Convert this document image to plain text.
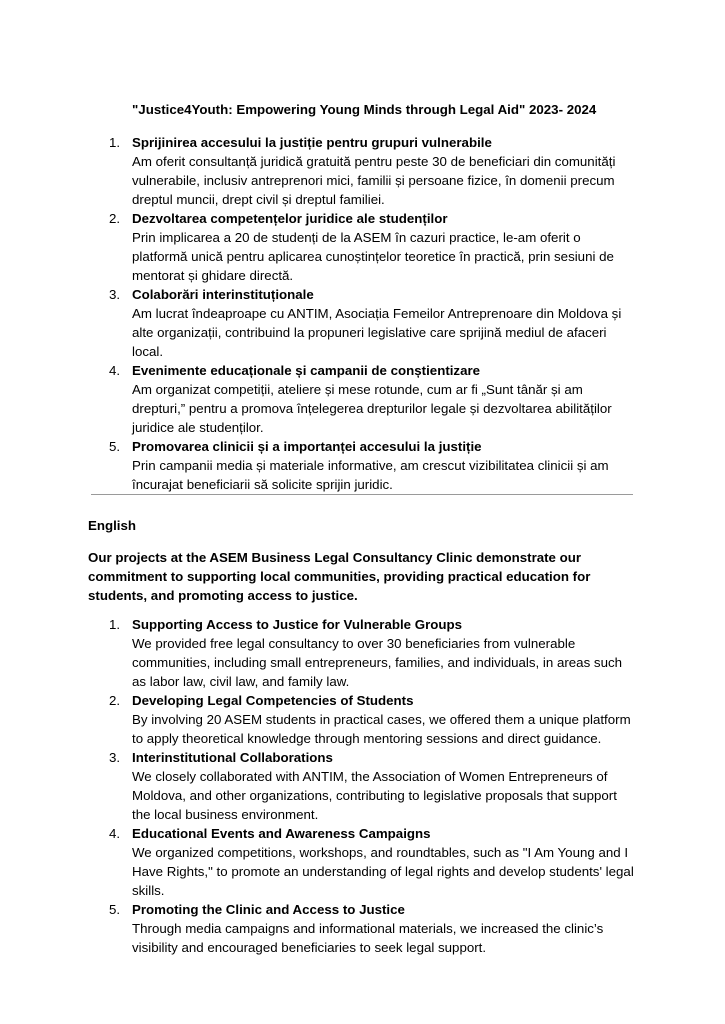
"Justice4Youth: Empowering Young Minds through Legal Aid" 2023- 2024
1. Sprijinirea accesului la justiție pentru grupuri vulnerabile
Am oferit consultanță juridică gratuită pentru peste 30 de beneficiari din comunități vulnerabile, inclusiv antreprenori mici, familii și persoane fizice, în domenii precum dreptul muncii, drept civil și dreptul familiei.
2. Dezvoltarea competențelor juridice ale studenților
Prin implicarea a 20 de studenți de la ASEM în cazuri practice, le-am oferit o platformă unică pentru aplicarea cunoștințelor teoretice în practică, prin sesiuni de mentorat și ghidare directă.
3. Colaborări interinstituționale
Am lucrat îndeaproape cu ANTIM, Asociația Femeilor Antreprenoare din Moldova și alte organizații, contribuind la propuneri legislative care sprijină mediul de afaceri local.
4. Evenimente educaționale și campanii de conștientizare
Am organizat competiții, ateliere și mese rotunde, cum ar fi „Sunt tânăr și am drepturi,” pentru a promova înțelegerea drepturilor legale și dezvoltarea abilităților juridice ale studenților.
5. Promovarea clinicii și a importanței accesului la justiție
Prin campanii media și materiale informative, am crescut vizibilitatea clinicii și am încurajat beneficiarii să solicite sprijin juridic.
English
Our projects at the ASEM Business Legal Consultancy Clinic demonstrate our commitment to supporting local communities, providing practical education for students, and promoting access to justice.
1. Supporting Access to Justice for Vulnerable Groups
We provided free legal consultancy to over 30 beneficiaries from vulnerable communities, including small entrepreneurs, families, and individuals, in areas such as labor law, civil law, and family law.
2. Developing Legal Competencies of Students
By involving 20 ASEM students in practical cases, we offered them a unique platform to apply theoretical knowledge through mentoring sessions and direct guidance.
3. Interinstitutional Collaborations
We closely collaborated with ANTIM, the Association of Women Entrepreneurs of Moldova, and other organizations, contributing to legislative proposals that support the local business environment.
4. Educational Events and Awareness Campaigns
We organized competitions, workshops, and roundtables, such as "I Am Young and I Have Rights," to promote an understanding of legal rights and develop students' legal skills.
5. Promoting the Clinic and Access to Justice
Through media campaigns and informational materials, we increased the clinic’s visibility and encouraged beneficiaries to seek legal support.
